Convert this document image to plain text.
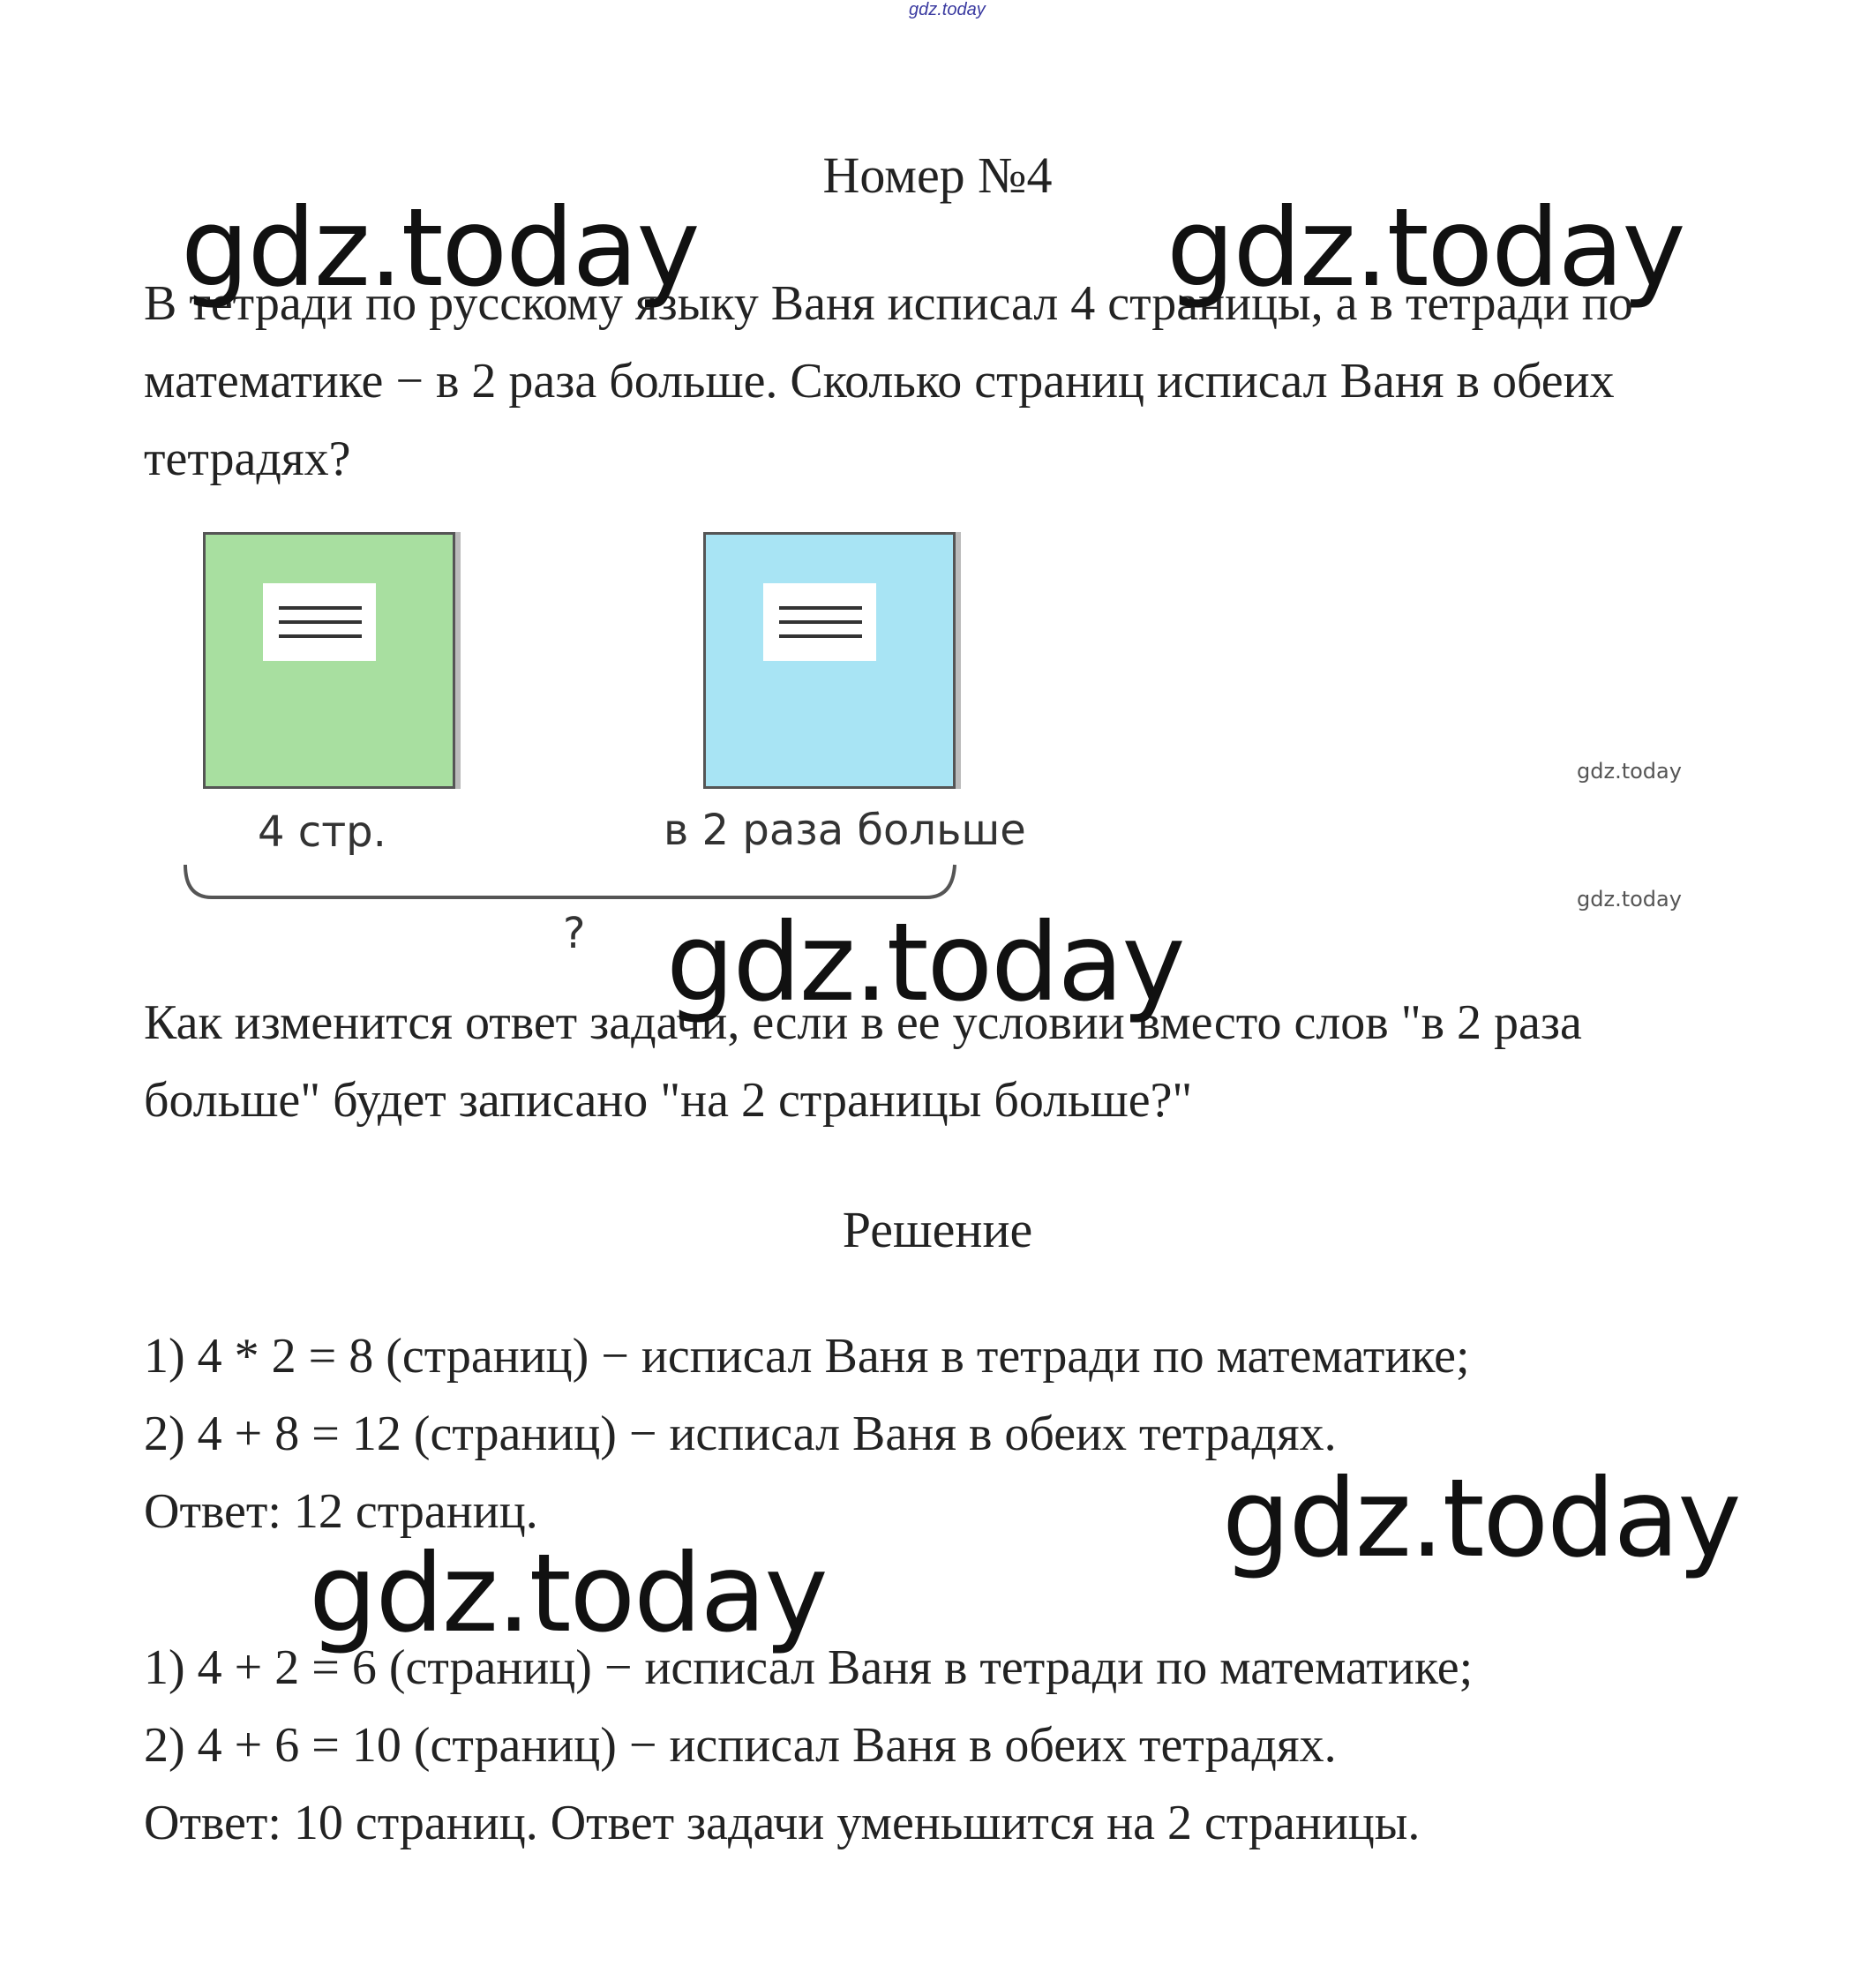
gdz.today
Номер №4
В тетради по русскому языку Ваня исписал 4 страницы, а в тетради по математике − в 2 раза больше. Сколько страниц исписал Ваня в обеих тетрадях?
4 стр.	в 2 раза больше
?
Как изменится ответ задачи, если в ее условии вместо слов "в 2 раза больше" будет записано "на 2 страницы больше?"
Решение
1) 4 * 2 = 8 (страниц) − исписал Ваня в тетради по математике;
2) 4 + 8 = 12 (страниц) − исписал Ваня в обеих тетрадях.
Ответ: 12 страниц.
1) 4 + 2 = 6 (страниц) − исписал Ваня в тетради по математике;
2) 4 + 6 = 10 (страниц) − исписал Ваня в обеих тетрадях.
Ответ: 10 страниц. Ответ задачи уменьшится на 2 страницы.
gdz.today	gdz.today
gdz.today
gdz.today
gdz.today
gdz.today
gdz.today
